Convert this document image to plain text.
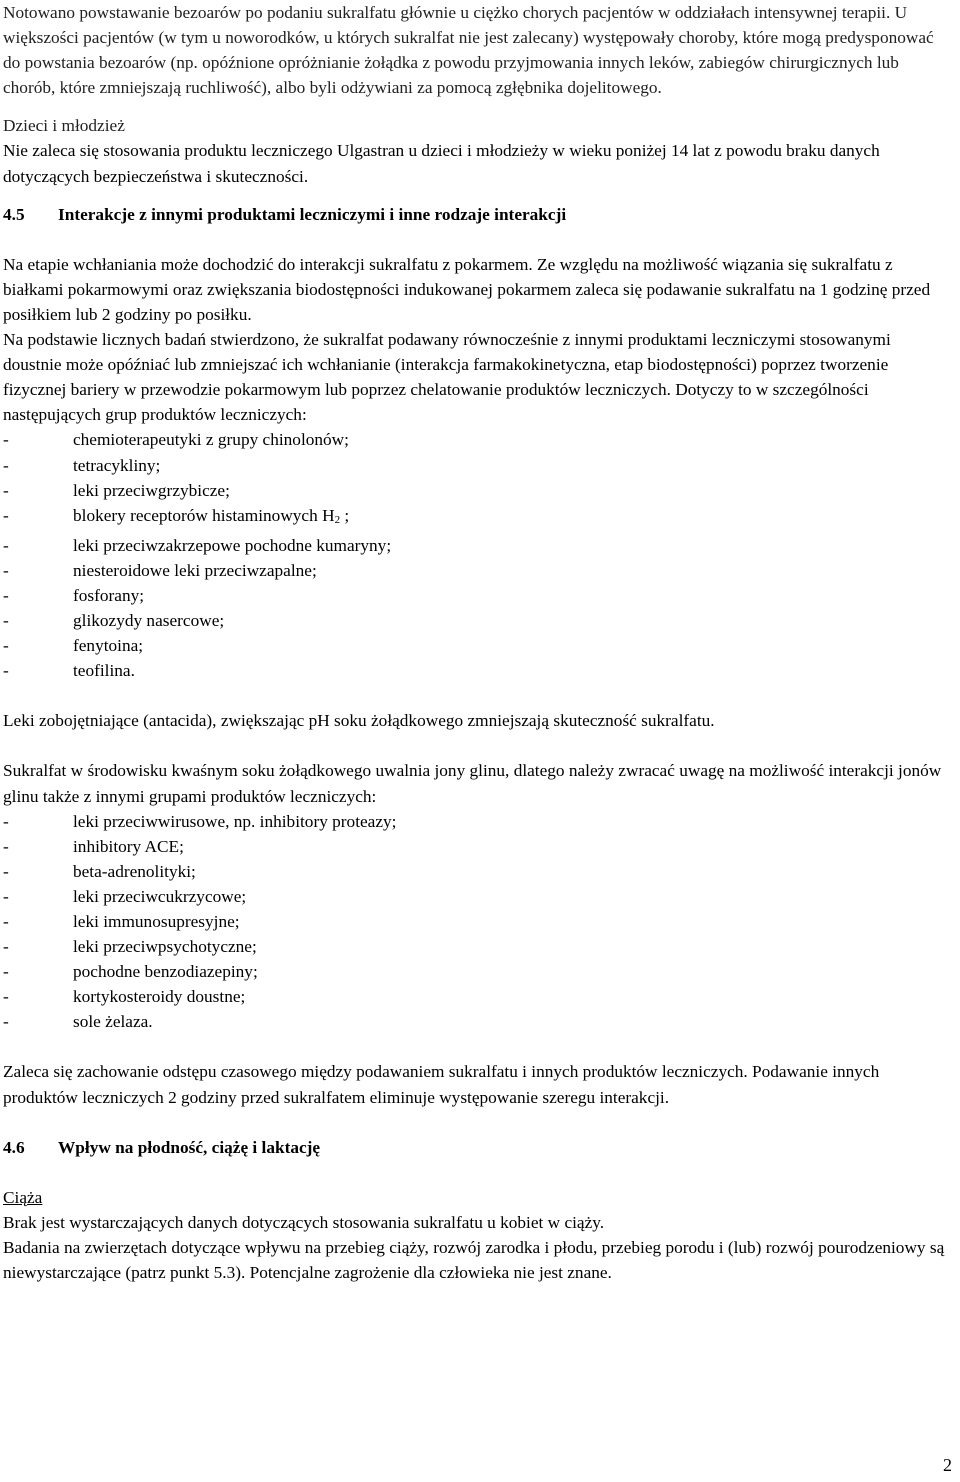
Notowano powstawanie bezoarów po podaniu sukralfatu głównie u ciężko chorych pacjentów w oddziałach intensywnej terapii. U większości pacjentów (w tym u noworodków, u których sukralfat nie jest zalecany) występowały choroby, które mogą predysponować do powstania bezoarów (np. opóźnione opróżnianie żołądka z powodu przyjmowania innych leków, zabiegów chirurgicznych lub chorób, które zmniejszają ruchliwość), albo byli odżywiani za pomocą zgłębnika dojelitowego.

Dzieci i młodzież

Nie zaleca się stosowania produktu leczniczego Ulgastran u dzieci i młodzieży w wieku poniżej 14 lat z powodu braku danych dotyczących bezpieczeństwa i skuteczności.

4.5	Interakcje z innymi produktami leczniczymi i inne rodzaje interakcji

Na etapie wchłaniania może dochodzić do interakcji sukralfatu z pokarmem. Ze względu na możliwość wiązania się sukralfatu z białkami pokarmowymi oraz zwiększania biodostępności indukowanej pokarmem zaleca się podawanie sukralfatu na 1 godzinę przed posiłkiem lub 2 godziny po posiłku.

Na podstawie licznych badań stwierdzono, że sukralfat podawany równocześnie z innymi produktami leczniczymi stosowanymi doustnie może opóźniać lub zmniejszać ich wchłanianie (interakcja farmakokinetyczna, etap biodostępności) poprzez tworzenie fizycznej bariery w przewodzie pokarmowym lub poprzez chelatowanie produktów leczniczych. Dotyczy to w szczególności następujących grup produktów leczniczych:

-	chemioterapeutyki z grupy chinolonów;
-	tetracykliny;
-	leki przeciwgrzybicze;
-	blokery receptorów histaminowych $H_2$ ;
-	leki przeciwzakrzepowe pochodne kumaryny;
-	niesteroidowe leki przeciwzapalne;
-	fosforany;
-	glikozydy nasercowe;
-	fenytoina;
-	teofilina.

Leki zobojętniające (antacida), zwiększając pH soku żołądkowego zmniejszają skuteczność sukralfatu.

Sukralfat w środowisku kwaśnym soku żołądkowego uwalnia jony glinu, dlatego należy zwracać uwagę na możliwość interakcji jonów glinu także z innymi grupami produktów leczniczych:

-	leki przeciwwirusowe, np. inhibitory proteazy;
-	inhibitory ACE;
-	beta-adrenolityki;
-	leki przeciwcukrzycowe;
-	leki immunosupresyjne;
-	leki przeciwpsychotyczne;
-	pochodne benzodiazepiny;
-	kortykosteroidy doustne;
-	sole żelaza.

Zaleca się zachowanie odstępu czasowego między podawaniem sukralfatu i innych produktów leczniczych. Podawanie innych produktów leczniczych 2 godziny przed sukralfatem eliminuje występowanie szeregu interakcji.

4.6	Wpływ na płodność, ciążę i laktację

Ciąża

Brak jest wystarczających danych dotyczących stosowania sukralfatu u kobiet w ciąży.

Badania na zwierzętach dotyczące wpływu na przebieg ciąży, rozwój zarodka i płodu, przebieg porodu i (lub) rozwój pourodzeniowy są niewystarczające (patrz punkt 5.3). Potencjalne zagrożenie dla człowieka nie jest znane.

2
